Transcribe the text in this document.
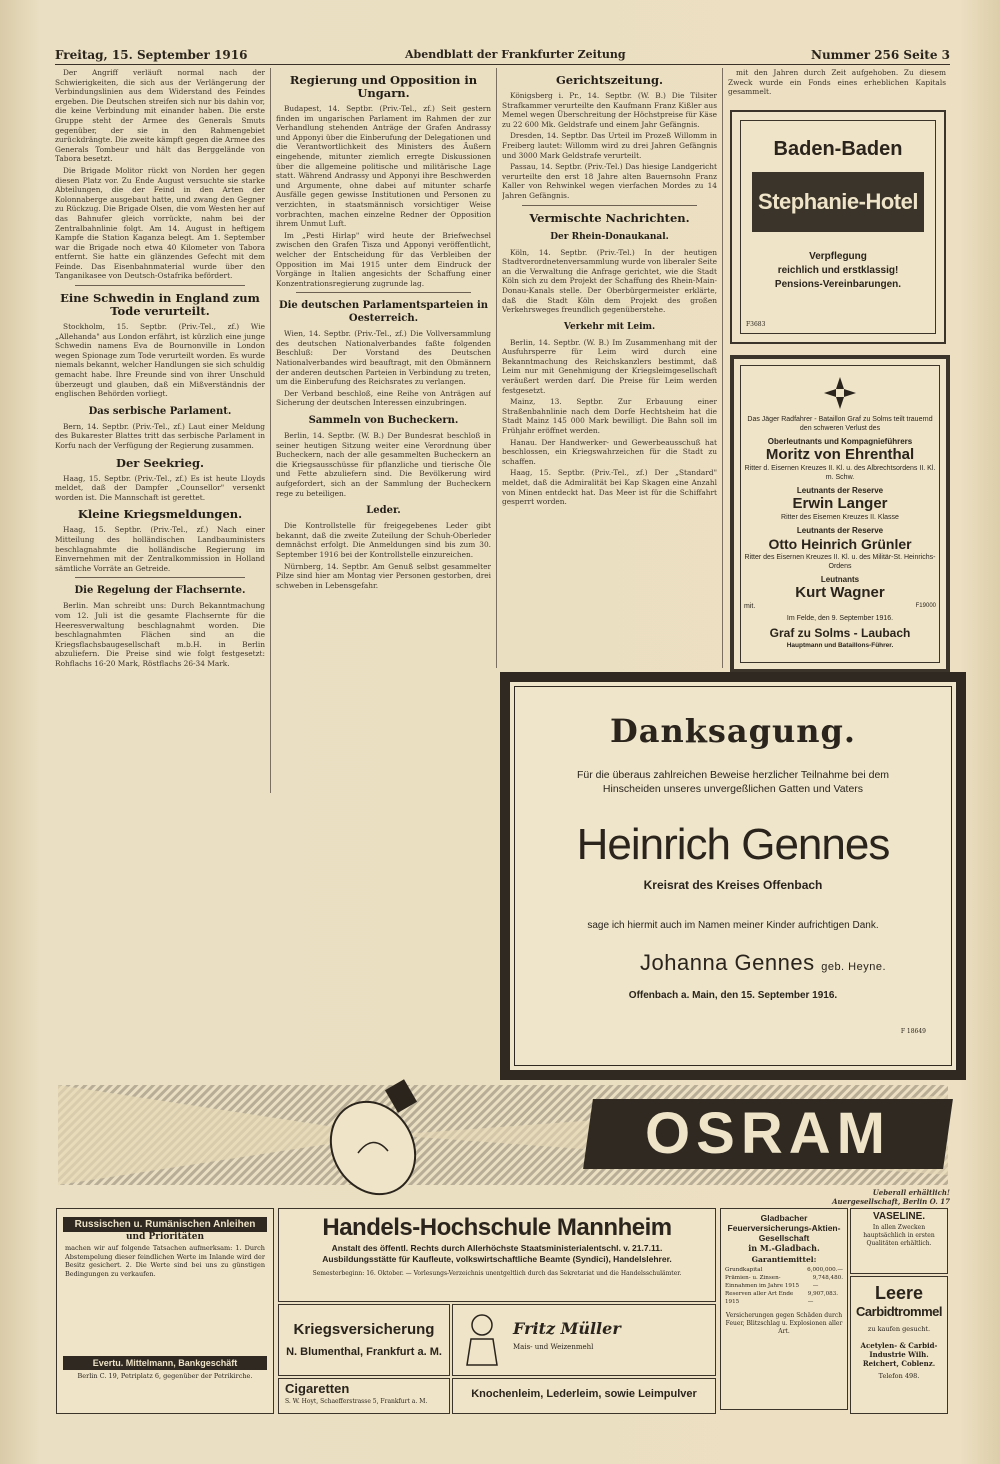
Freitag, 15. September 1916	Abendblatt der Frankfurter Zeitung	Nummer 256 Seite 3

Der Angriff verläuft normal nach der Schwierigkeiten, die sich aus der Verlängerung der Verbindungslinien aus dem Widerstand des Feindes ergeben. Die Deutschen streifen sich nur bis dahin vor, die keine Verbindung mit einander haben. Die erste Gruppe steht der Armee des Generals Smuts gegenüber, der sie in den Rahmengebiet zurückdrängte. Die zweite kämpft gegen die Armee des Generals Tombeur und hält das Berggelände von Tabora besetzt.

Die Brigade Molitor rückt von Norden her gegen diesen Platz vor. Zu Ende August versuchte sie starke Abteilungen, die der Feind in den Arten der Kolonnaberge ausgebaut hatte, und zwang den Gegner zu Rückzug. Die Brigade Olsen, die vom Westen her auf das Bahnufer gleich vorrückte, nahm bei der Zentralbahnlinie folgt. Am 14. August in heftigem Kampfe die Station Kaganza belegt. Am 1. September war die Brigade noch etwa 40 Kilometer von Tabora entfernt. Sie hatte ein glänzendes Gefecht mit dem Feinde. Das Eisenbahnmaterial wurde über den Tanganikasee von Deutsch-Ostafrika befördert.

Eine Schwedin in England zum Tode verurteilt.

Stockholm, 15. Septbr. (Priv.-Tel., zf.) Wie „Allehanda" aus London erfährt, ist kürzlich eine junge Schwedin namens Eva de Bournonville in London wegen Spionage zum Tode verurteilt worden. Es wurde niemals bekannt, welcher Handlungen sie sich schuldig gemacht habe. Ihre Freunde sind von ihrer Unschuld überzeugt und glauben, daß ein Mißverständnis der englischen Behörden vorliegt.

Das serbische Parlament.

Bern, 14. Septbr. (Priv.-Tel., zf.) Laut einer Meldung des Bukarester Blattes tritt das serbische Parlament in Korfu nach der Verfügung der Regierung zusammen.

Der Seekrieg.

Haag, 15. Septbr. (Priv.-Tel., zf.) Es ist heute Lloyds meldet, daß der Dampfer „Counsellor" versenkt worden ist. Die Mannschaft ist gerettet.

Kleine Kriegsmeldungen.

Haag, 15. Septbr. (Priv.-Tel., zf.) Nach einer Mitteilung des holländischen Landbauministers beschlagnahmte die holländische Regierung im Einvernehmen mit der Zentralkommission in Holland sämtliche Vorräte an Getreide.

Die Regelung der Flachsernte.

Berlin. Man schreibt uns: Durch Bekanntmachung vom 12. Juli ist die gesamte Flachsernte für die Heeresverwaltung beschlagnahmt worden. Die beschlagnahmten Flächen sind an die Kriegsflachsbaugesellschaft m.b.H. in Berlin abzuliefern. Die Preise sind wie folgt festgesetzt: Rohflachs 16-20 Mark, Röstflachs 26-34 Mark.

Regierung und Opposition in Ungarn.

Budapest, 14. Septbr. (Priv.-Tel., zf.) Seit gestern finden im ungarischen Parlament im Rahmen der zur Verhandlung stehenden Anträge der Grafen Andrassy und Apponyi über die Einberufung der Delegationen und die Verantwortlichkeit des Ministers des Äußern eingehende, mitunter ziemlich erregte Diskussionen über die allgemeine politische und militärische Lage statt. Während Andrassy und Apponyi ihre Beschwerden und Argumente, ohne dabei auf mitunter scharfe Ausfälle gegen gewisse Institutionen und Personen zu verzichten, in staatsmännisch vorsichtiger Weise vorbrachten, machen einzelne Redner der Opposition ihrem Unmut Luft.

Im „Pesti Hirlap" wird heute der Briefwechsel zwischen den Grafen Tisza und Apponyi veröffentlicht, welcher der Entscheidung für das Verbleiben der Opposition im Mai 1915 unter dem Eindruck der Vorgänge in Italien angesichts der Schaffung einer Konzentrationsregierung zugrunde lag.

Die deutschen Parlamentsparteien in Oesterreich.

Wien, 14. Septbr. (Priv.-Tel., zf.) Die Vollversammlung des deutschen Nationalverbandes faßte folgenden Beschluß: Der Vorstand des Deutschen Nationalverbandes wird beauftragt, mit den Obmännern der anderen deutschen Parteien in Verbindung zu treten, um die Einberufung des Reichsrates zu verlangen.

Der Verband beschloß, eine Reihe von Anträgen auf Sicherung der deutschen Interessen einzubringen.

Sammeln von Bucheckern.

Berlin, 14. Septbr. (W. B.) Der Bundesrat beschloß in seiner heutigen Sitzung weiter eine Verordnung über Bucheckern, nach der alle gesammelten Bucheckern an die Kriegsausschüsse für pflanzliche und tierische Öle und Fette abzuliefern sind. Die Bevölkerung wird aufgefordert, sich an der Sammlung der Bucheckern rege zu beteiligen.

Leder.

Die Kontrollstelle für freigegebenes Leder gibt bekannt, daß die zweite Zuteilung der Schuh-Oberleder demnächst erfolgt. Die Anmeldungen sind bis zum 30. September 1916 bei der Kontrollstelle einzureichen.

Nürnberg, 14. Septbr. Am Genuß selbst gesammelter Pilze sind hier am Montag vier Personen gestorben, drei schweben in Lebensgefahr.

Gerichtszeitung.

Königsberg i. Pr., 14. Septbr. (W. B.) Die Tilsiter Strafkammer verurteilte den Kaufmann Franz Kißler aus Memel wegen Überschreitung der Höchstpreise für Käse zu 22 600 Mk. Geldstrafe und einem Jahr Gefängnis.

Dresden, 14. Septbr. Das Urteil im Prozeß Willomm in Freiberg lautet: Willomm wird zu drei Jahren Gefängnis und 3000 Mark Geldstrafe verurteilt.

Passau, 14. Septbr. (Priv.-Tel.) Das hiesige Landgericht verurteilte den erst 18 Jahre alten Bauernsohn Franz Kaller von Rehwinkel wegen vierfachen Mordes zu 14 Jahren Gefängnis.

Vermischte Nachrichten.
Der Rhein-Donaukanal.

Köln, 14. Septbr. (Priv.-Tel.) In der heutigen Stadtverordnetenversammlung wurde von liberaler Seite an die Verwaltung die Anfrage gerichtet, wie die Stadt Köln sich zu dem Projekt der Schaffung des Rhein-Main-Donau-Kanals stelle. Der Oberbürgermeister erklärte, daß die Stadt Köln dem Projekt des großen Verkehrsweges freundlich gegenüberstehe.

Verkehr mit Leim.

Berlin, 14. Septbr. (W. B.) Im Zusammenhang mit der Ausfuhrsperre für Leim wird durch eine Bekanntmachung des Reichskanzlers bestimmt, daß Leim nur mit Genehmigung der Kriegsleimgesellschaft veräußert werden darf. Die Preise für Leim werden festgesetzt.

Mainz, 13. Septbr. Zur Erbauung einer Straßenbahnlinie nach dem Dorfe Hechtsheim hat die Stadt Mainz 145 000 Mark bewilligt. Die Bahn soll im Frühjahr eröffnet werden.

Hanau. Der Handwerker- und Gewerbeausschuß hat beschlossen, ein Kriegswahrzeichen für die Stadt zu schaffen.

Haag, 15. Septbr. (Priv.-Tel., zf.) Der „Standard" meldet, daß die Admiralität bei Kap Skagen eine Anzahl von Minen entdeckt hat. Das Meer ist für die Schiffahrt gesperrt worden.

mit den Jahren durch Zeit aufgehoben. Zu diesem Zweck wurde ein Fonds eines erheblichen Kapitals gesammelt.

Baden-Baden
Stephanie-Hotel
Verpflegung
reichlich und erstklassig!
Pensions-Vereinbarungen.
F3683
Das Jäger Radfahrer - Bataillon Graf zu Solms teilt trauernd den schweren Verlust des
Oberleutnants und Kompagnieführers
Moritz von Ehrenthal
Ritter d. Eisernen Kreuzes II. Kl. u. des Albrechtsordens II. Kl. m. Schw.
Leutnants der Reserve
Erwin Langer
Ritter des Eisernen Kreuzes II. Klasse
Leutnants der Reserve
Otto Heinrich Grünler
Ritter des Eisernen Kreuzes II. Kl. u. des Militär-St. Heinrichs-Ordens
Leutnants
Kurt Wagner
mit.	F19000
Im Felde, den 9. September 1916.
Graf zu Solms - Laubach
Hauptmann und Bataillons-Führer.
Danksagung.
Für die überaus zahlreichen Beweise herzlicher Teilnahme bei dem
Hinscheiden unseres unvergeßlichen Gatten und Vaters
Heinrich Gennes
Kreisrat des Kreises Offenbach
sage ich hiermit auch im Namen meiner Kinder aufrichtigen Dank.
Johanna Gennes geb. Heyne.
Offenbach a. Main, den 15. September 1916.
F 18649
OSRAM
Ueberall erhältlich!
Auergesellschaft, Berlin O. 17
Russischen u. Rumänischen Anleihen
und Prioritäten
machen wir auf folgende Tatsachen aufmerksam: 1. Durch Abstempelung dieser feindlichen Werte im Inlande wird der Besitz gesichert. 2. Die Werte sind bei uns zu günstigen Bedingungen zu verkaufen.
Evertu. Mittelmann, Bankgeschäft
Berlin C. 19, Petriplatz 6, gegenüber der Petrikirche.
Handels-Hochschule Mannheim
Anstalt des öffentl. Rechts durch Allerhöchste Staatsministerialentschl. v. 21.7.11.
Ausbildungsstätte für Kaufleute, volkswirtschaftliche Beamte (Syndici), Handelslehrer.
Semesterbeginn: 16. Oktober. — Vorlesungs-Verzeichnis unentgeltlich durch das Sekretariat und die Handelsschulämter.
Kriegsversicherung
N. Blumenthal, Frankfurt a. M.
Fritz Müller
Mais- und Weizenmehl
Cigaretten
S. W. Hoyt, Schaefferstrasse 5, Frankfurt a. M.
Knochenleim, Lederleim, sowie Leimpulver
Gladbacher Feuerversicherungs-Aktien-Gesellschaft
in M.-Gladbach.
Garantiemittel:
Grundkapital	6,000,000.—
Prämien- u. Zinsen-Einnahmen im Jahre 1915
9,748,480.—
Reserven aller Art Ende 1915
9,907,083.—
Versicherungen gegen Schäden durch Feuer, Blitzschlag u. Explosionen aller Art.
VASELINE.
In allen Zwecken hauptsächlich in ersten Qualitäten erhältlich.
Leere
Carbidtrommel
zu kaufen gesucht.
Acetylen- & Carbid-Industrie Wilh. Reichert, Coblenz.
Telefon 498.
